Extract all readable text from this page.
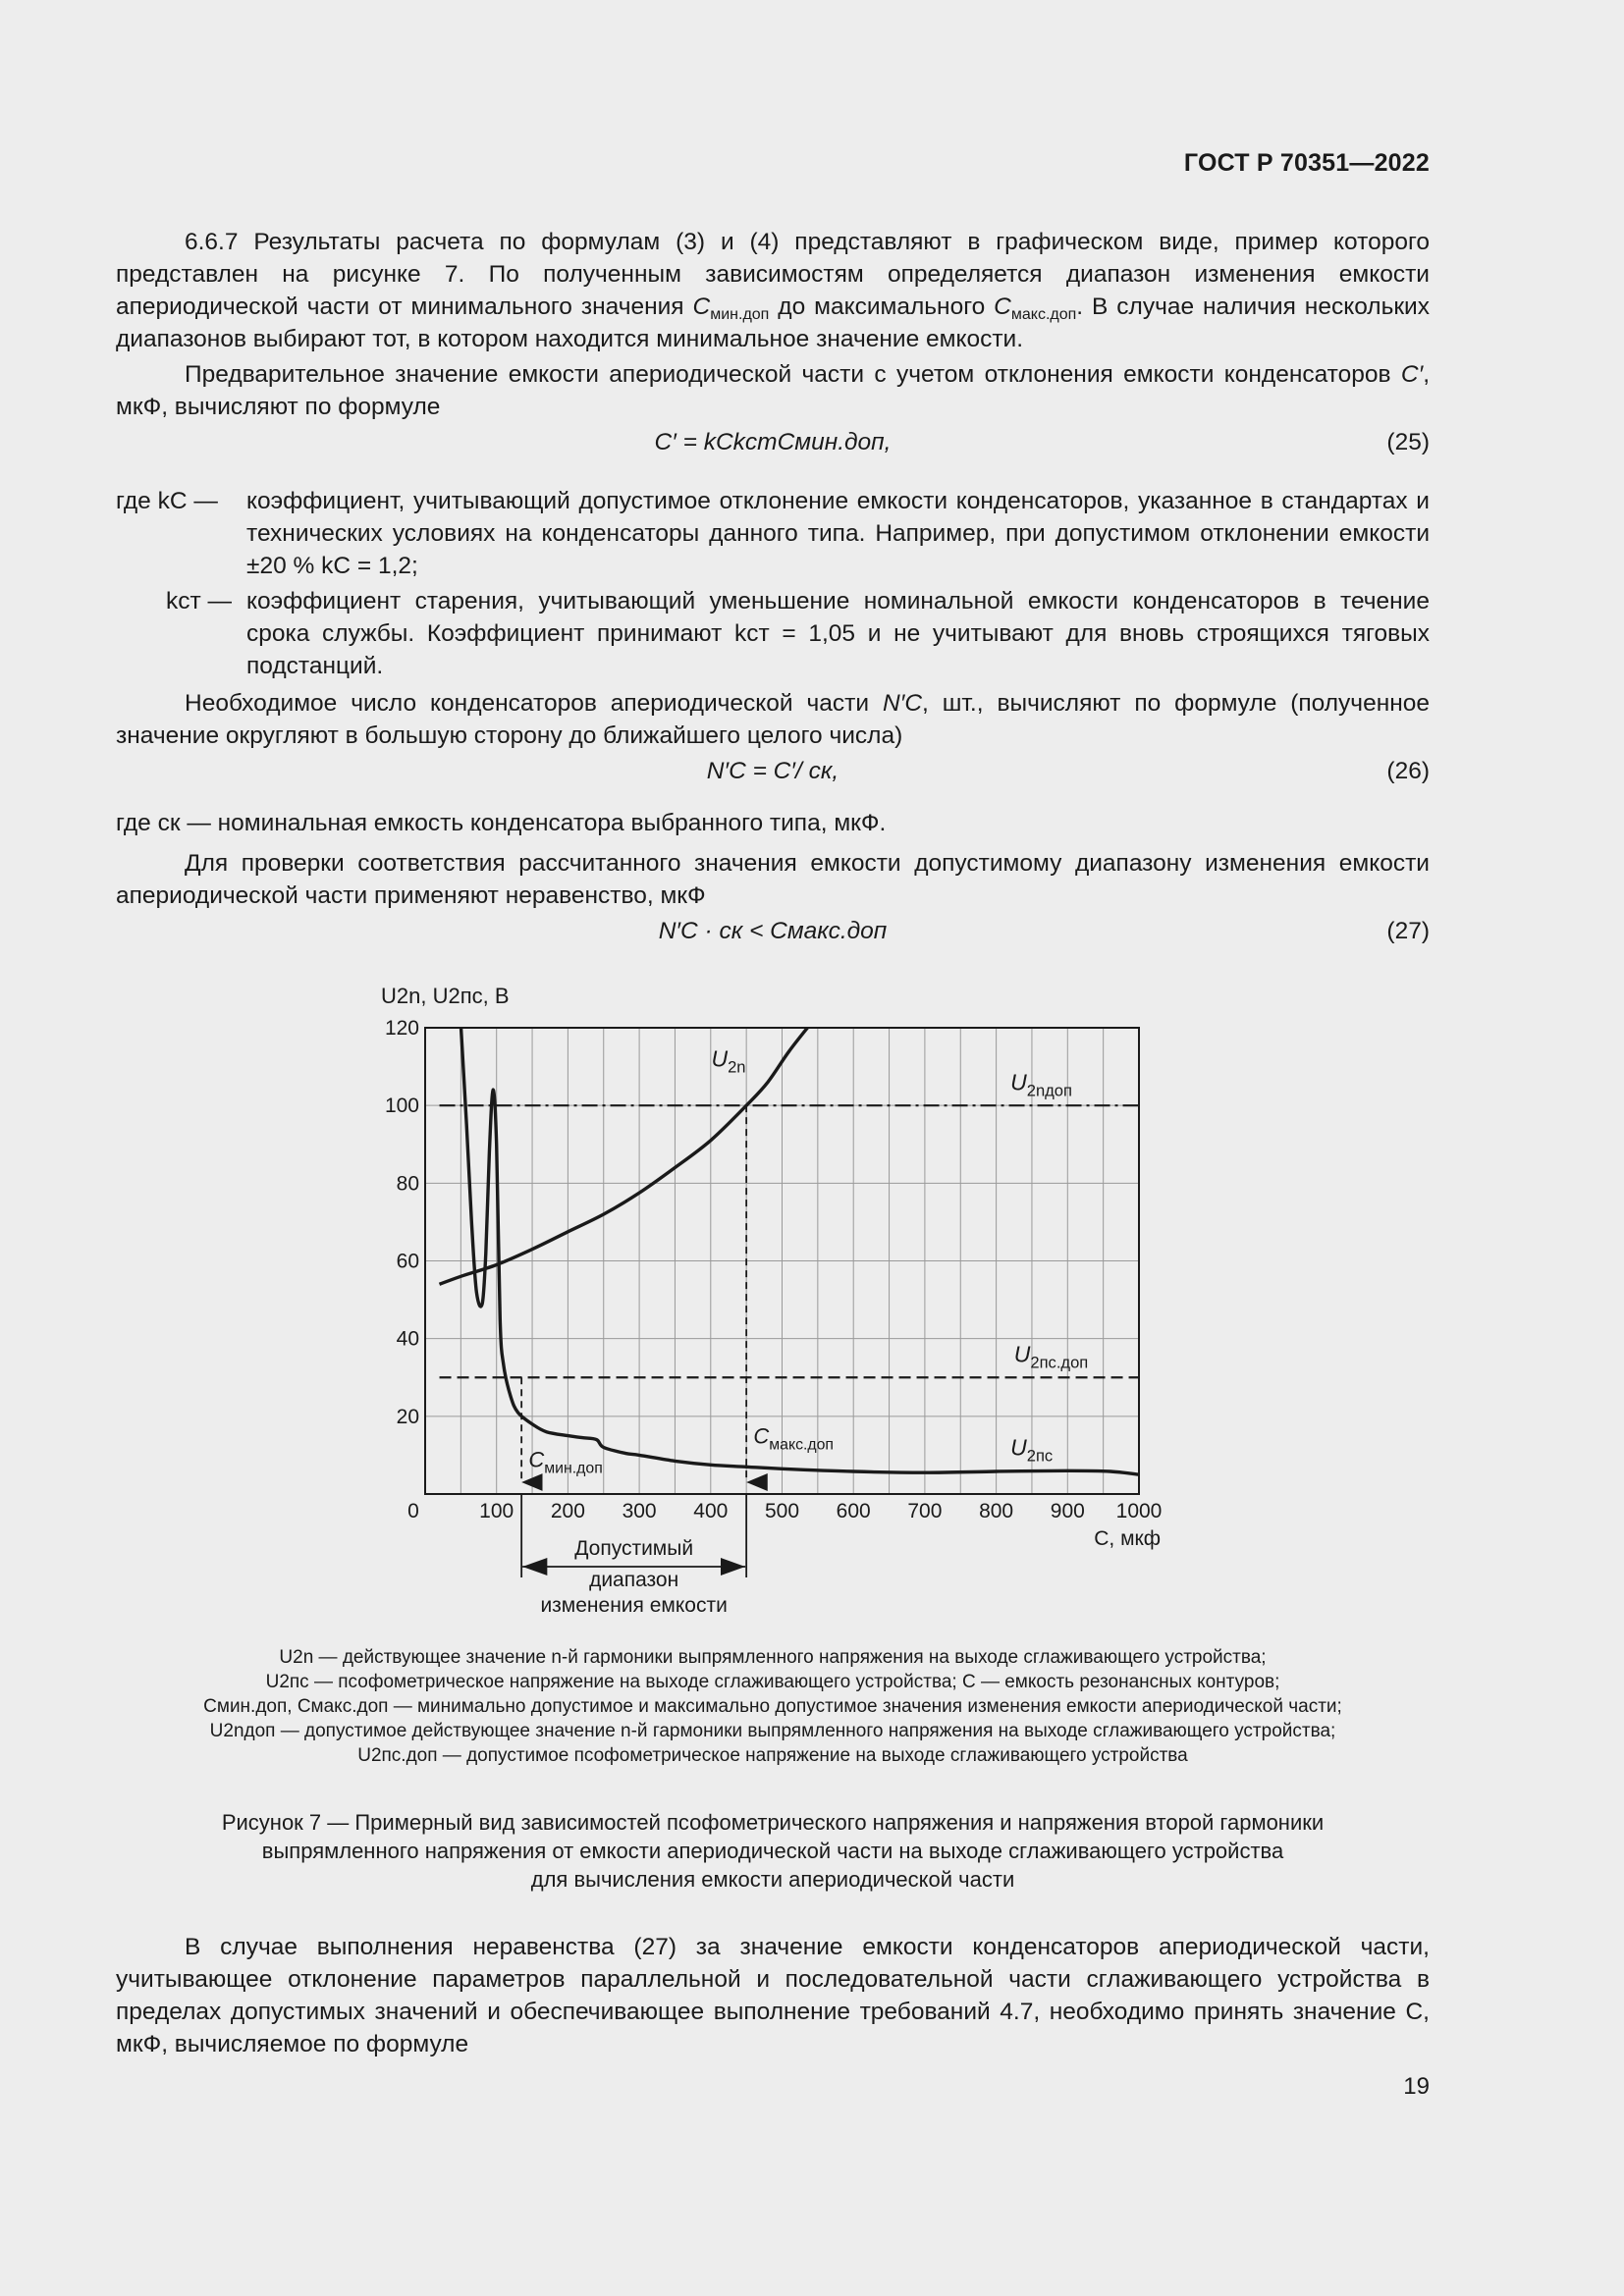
ГОСТ Р 70351—2022
6.6.7 Результаты расчета по формулам (3) и (4) представляют в графическом виде, пример которого представлен на рисунке 7. По полученным зависимостям определяется диапазон изменения емкости апериодической части от минимального значения $C_{мин.доп}$ до максимального $C_{макс.доп}$. В случае наличия нескольких диапазонов выбирают тот, в котором находится минимальное значение емкости.
Предварительное значение емкости апериодической части с учетом отклонения емкости конденсаторов C′, мкФ, вычисляют по формуле
C′ = kCkстCмин.доп,	(25)
где kC — коэффициент, учитывающий допустимое отклонение емкости конденсаторов, указанное в стандартах и технических условиях на конденсаторы данного типа. Например, при допустимом отклонении емкости ±20 % kC = 1,2;
kст — коэффициент старения, учитывающий уменьшение номинальной емкости конденсаторов в течение срока службы. Коэффициент принимают kст = 1,05 и не учитывают для вновь строящихся тяговых подстанций.
Необходимое число конденсаторов апериодической части N′C, шт., вычисляют по формуле (полученное значение округляют в большую сторону до ближайшего целого числа)
N′C = C′/ cк,	(26)
где cк — номинальная емкость конденсатора выбранного типа, мкФ.
Для проверки соответствия рассчитанного значения емкости допустимому диапазону изменения емкости апериодической части применяют неравенство, мкФ
N′C · cк < Cмакс.доп	(27)
0	100 200 300 400 500 600 700 800 900 1000
20
40
60
80
100
120
U2n, U2пс, В
C, мкф
$U_{2n}$
$U_{2nдоп}$
$U_{2пс.доп}$
$U_{2пс}$
$C_{мин.доп}$
$C_{макс.доп}$
Допустимый
диапазон
изменения емкости
U2n — действующее значение n-й гармоники выпрямленного напряжения на выходе сглаживающего устройства;
U2пс — псофометрическое напряжение на выходе сглаживающего устройства; C — емкость резонансных контуров;
Cмин.доп, Cмакс.доп — минимально допустимое и максимально допустимое значения изменения емкости апериодической части;
U2nдоп — допустимое действующее значение n-й гармоники выпрямленного напряжения на выходе сглаживающего устройства;
U2пс.доп — допустимое псофометрическое напряжение на выходе сглаживающего устройства
Рисунок 7 — Примерный вид зависимостей псофометрического напряжения и напряжения второй гармоники
выпрямленного напряжения от емкости апериодической части на выходе сглаживающего устройства
для вычисления емкости апериодической части
В случае выполнения неравенства (27) за значение емкости конденсаторов апериодической части, учитывающее отклонение параметров параллельной и последовательной части сглаживающего устройства в пределах допустимых значений и обеспечивающее выполнение требований 4.7, необходимо принять значение C, мкФ, вычисляемое по формуле
19
